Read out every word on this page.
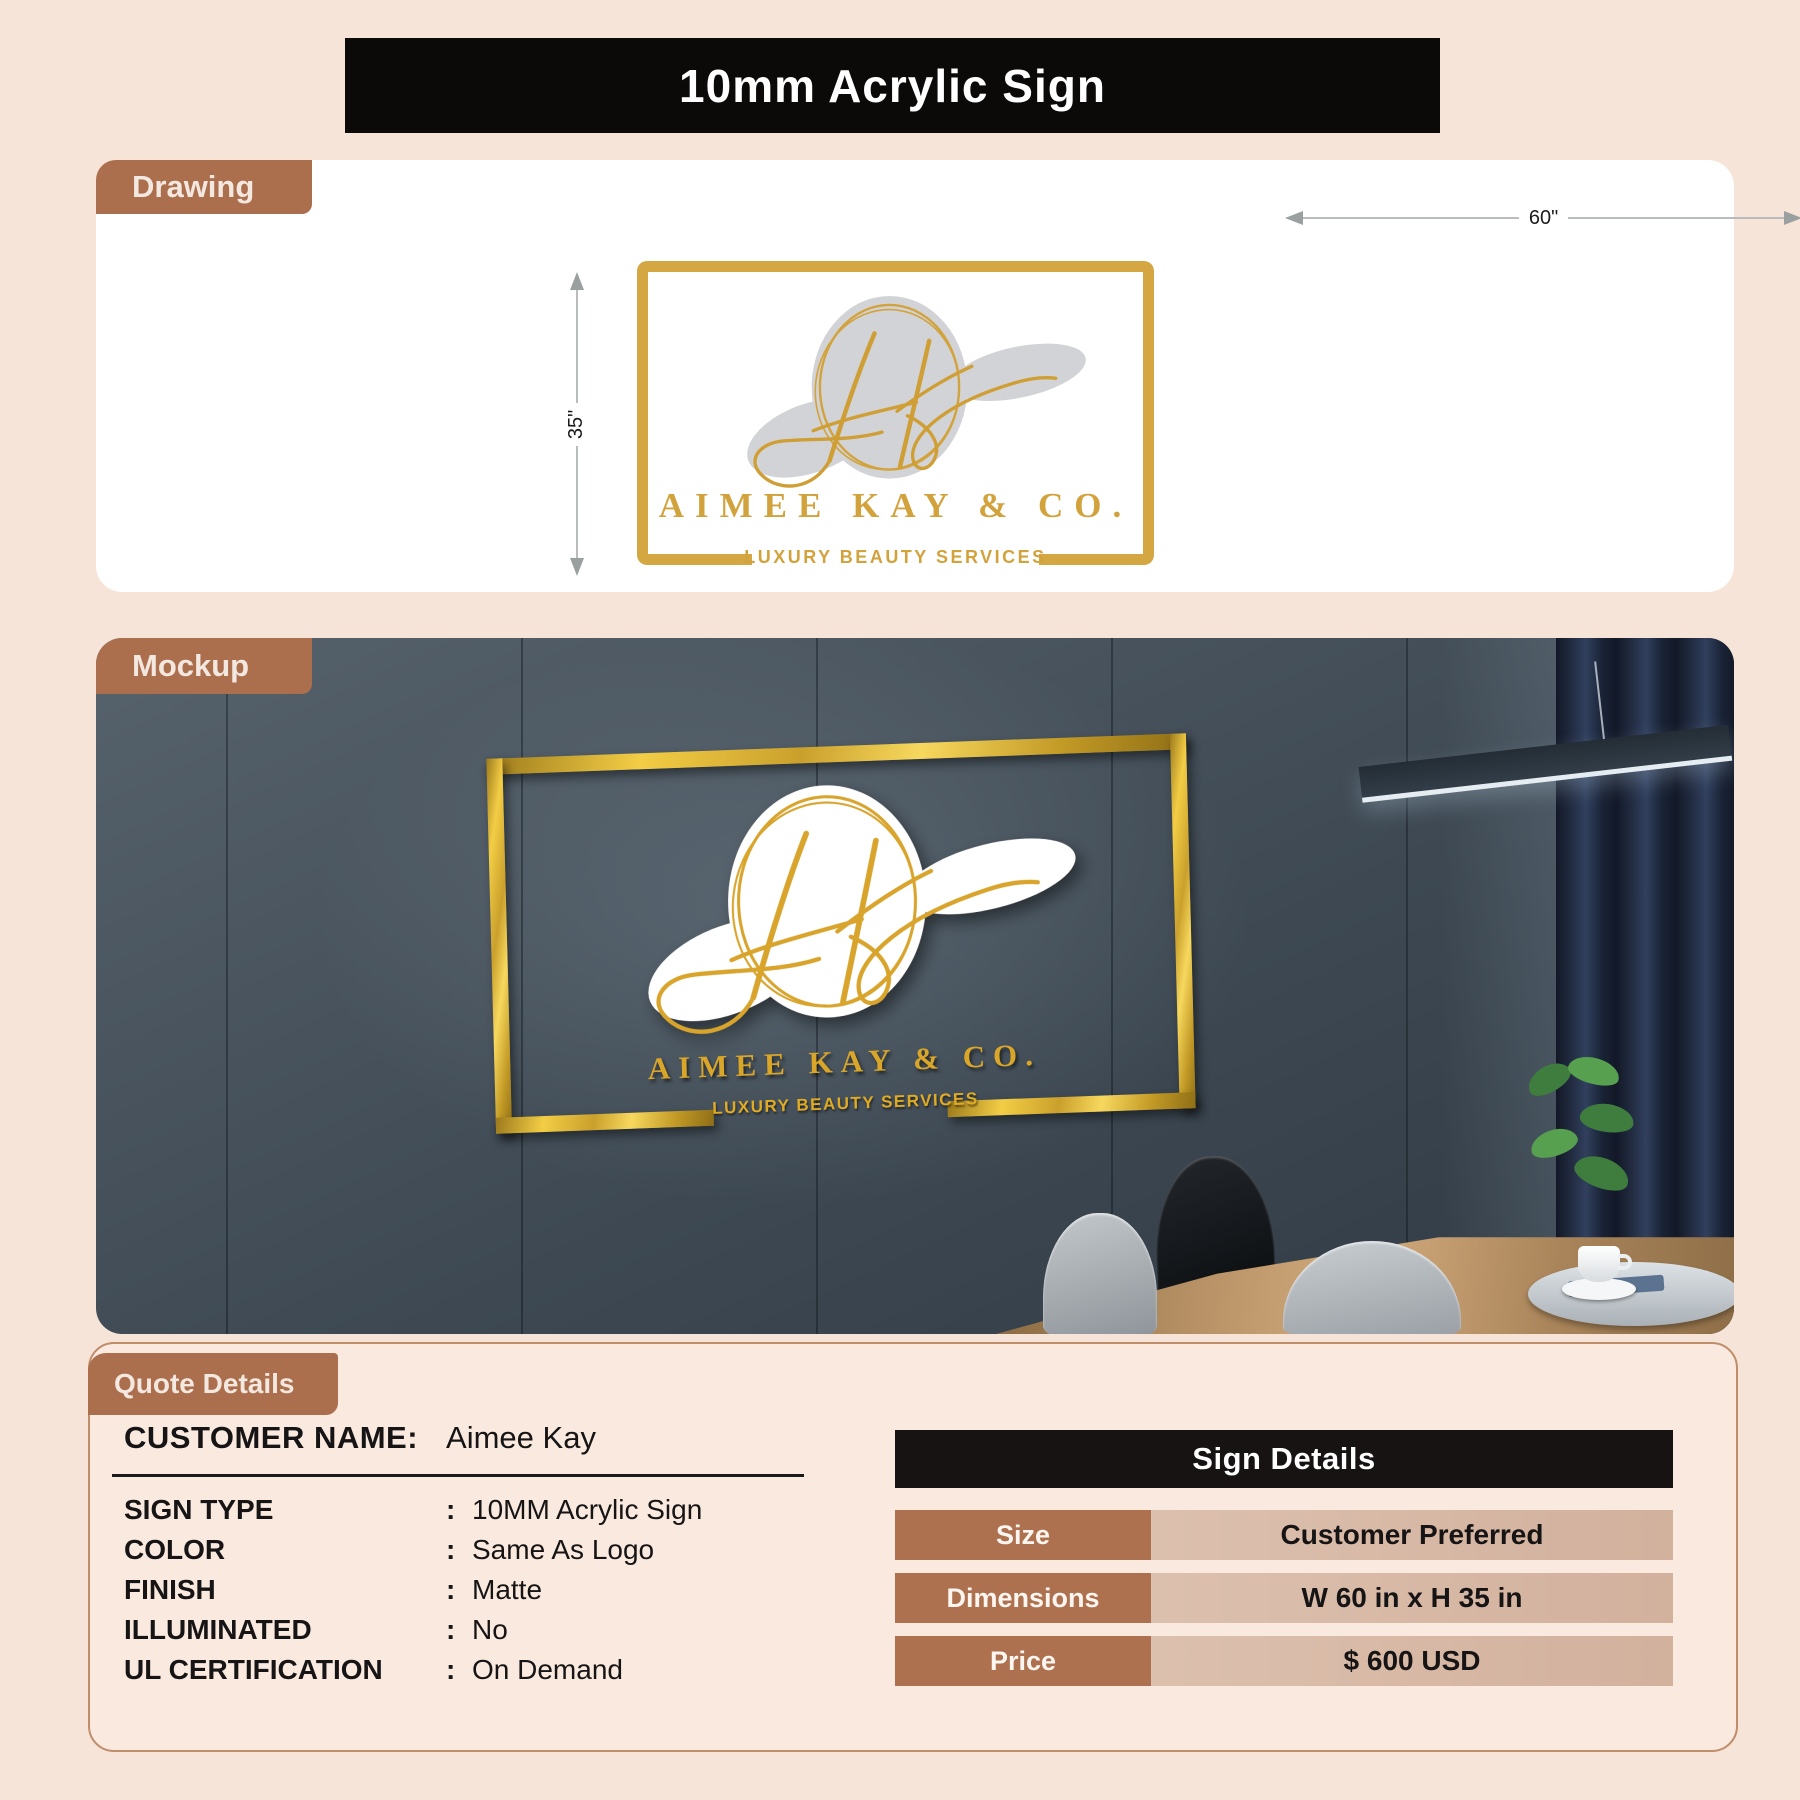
10mm Acrylic Sign
Drawing
60"
35"
AIMEE KAY & CO.
LUXURY BEAUTY SERVICES
AIMEE KAY & CO.
LUXURY BEAUTY SERVICES
Mockup
Quote Details
CUSTOMER NAME: Aimee Kay
SIGN TYPE	: 10MM Acrylic Sign
COLOR	: Same As Logo
FINISH	: Matte
ILLUMINATED	: No
UL CERTIFICATION	: On Demand
Sign Details
Size	Customer Preferred
Dimensions	W 60 in x H 35 in
Price	$ 600 USD
